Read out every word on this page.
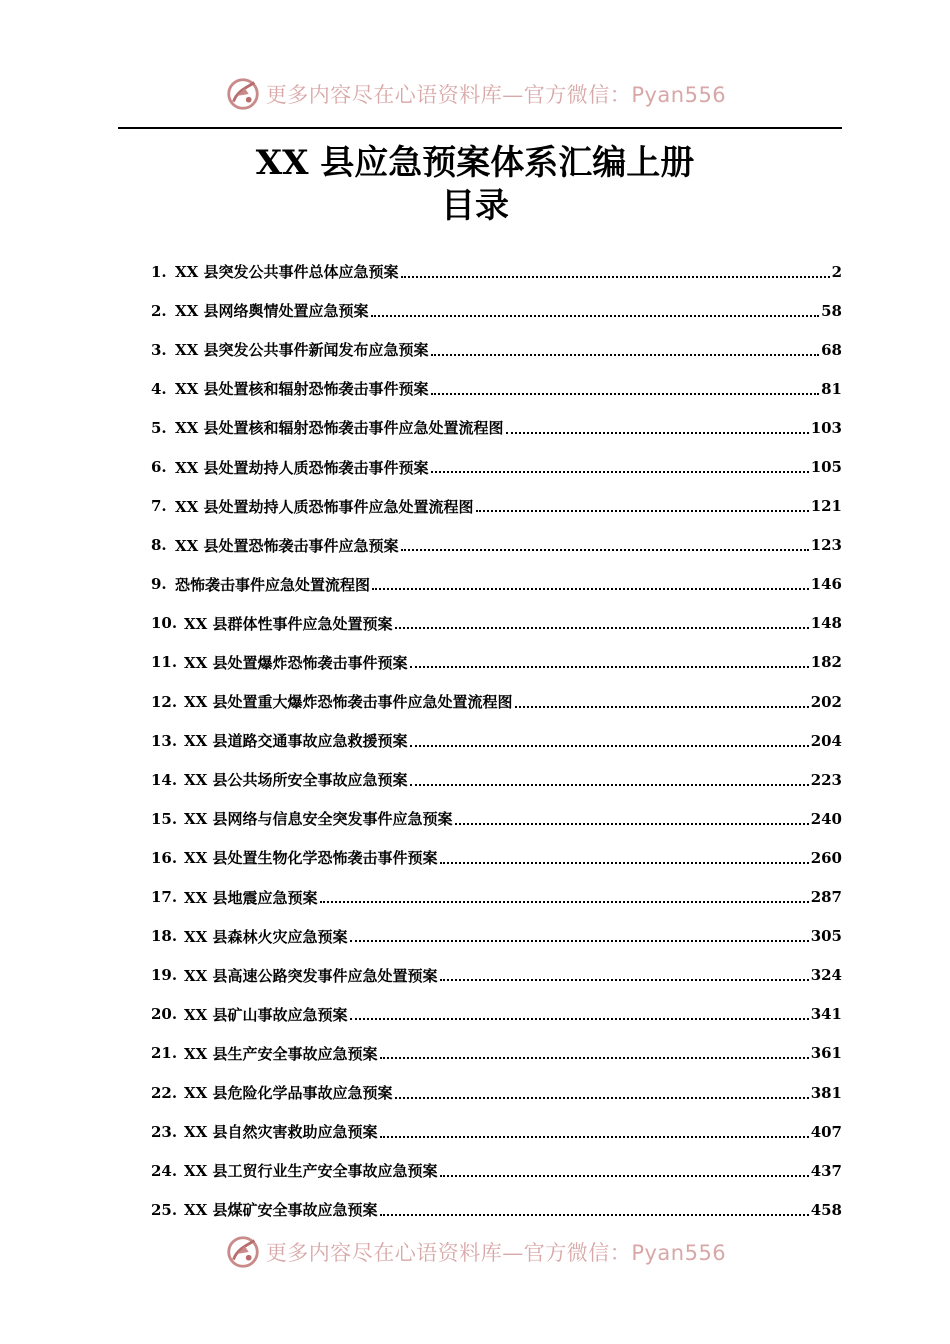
更多内容尽在心语资料库—官方微信：Pyan556
XX 县应急预案体系汇编上册
目录
1. XX 县突发公共事件总体应急预案	2
2. XX 县网络舆情处置应急预案	58
3. XX 县突发公共事件新闻发布应急预案	68
4. XX 县处置核和辐射恐怖袭击事件预案	81
5. XX 县处置核和辐射恐怖袭击事件应急处置流程图	103
6. XX 县处置劫持人质恐怖袭击事件预案	105
7. XX 县处置劫持人质恐怖事件应急处置流程图	121
8. XX 县处置恐怖袭击事件应急预案	123
9. 恐怖袭击事件应急处置流程图	146
10. XX 县群体性事件应急处置预案	148
11. XX 县处置爆炸恐怖袭击事件预案	182
12. XX 县处置重大爆炸恐怖袭击事件应急处置流程图	202
13. XX 县道路交通事故应急救援预案	204
14. XX 县公共场所安全事故应急预案	223
15. XX 县网络与信息安全突发事件应急预案	240
16. XX 县处置生物化学恐怖袭击事件预案	260
17. XX 县地震应急预案	287
18. XX 县森林火灾应急预案	305
19. XX 县高速公路突发事件应急处置预案	324
20. XX 县矿山事故应急预案	341
21. XX 县生产安全事故应急预案	361
22. XX 县危险化学品事故应急预案	381
23. XX 县自然灾害救助应急预案	407
24. XX 县工贸行业生产安全事故应急预案	437
25. XX 县煤矿安全事故应急预案	458
更多内容尽在心语资料库—官方微信：Pyan556
